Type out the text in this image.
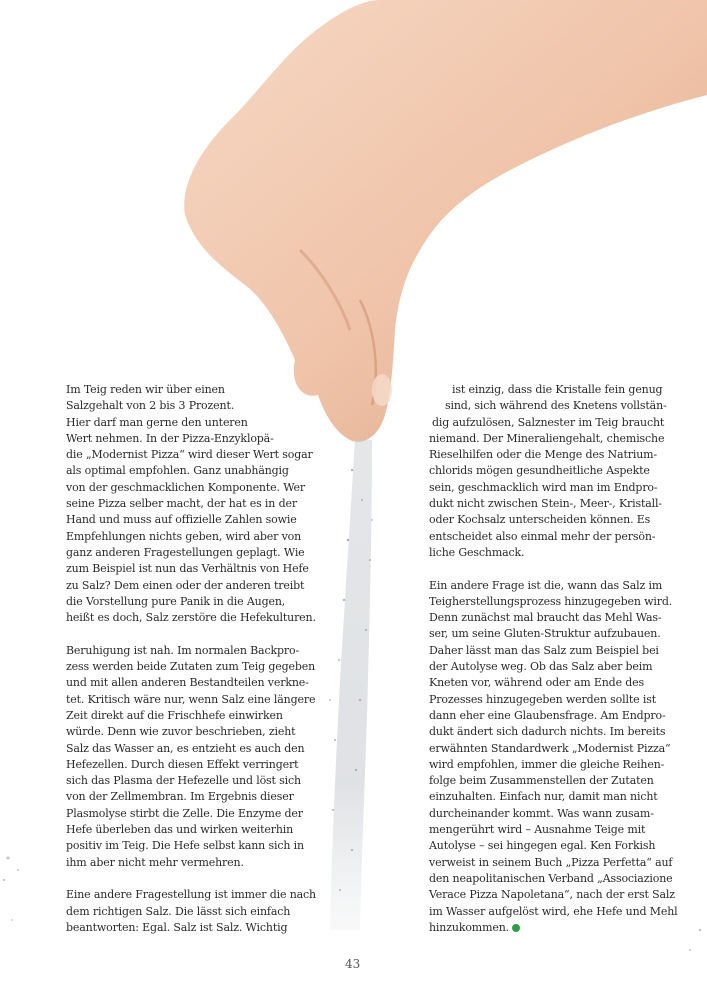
Im Teig reden wir über einen
Salzgehalt von 2 bis 3 Prozent.
Hier darf man gerne den unteren
Wert nehmen. In der Pizza-Enzyklopä-
die „Modernist Pizza“ wird dieser Wert sogar
als optimal empfohlen. Ganz unabhängig
von der geschmacklichen Komponente. Wer
seine Pizza selber macht, der hat es in der
Hand und muss auf offizielle Zahlen sowie
Empfehlungen nichts geben, wird aber von
ganz anderen Fragestellungen geplagt. Wie
zum Beispiel ist nun das Verhältnis von Hefe
zu Salz? Dem einen oder der anderen treibt
die Vorstellung pure Panik in die Augen,
heißt es doch, Salz zerstöre die Hefekulturen.
Beruhigung ist nah. Im normalen Backpro-
zess werden beide Zutaten zum Teig gegeben
und mit allen anderen Bestandteilen verkne-
tet. Kritisch wäre nur, wenn Salz eine längere
Zeit direkt auf die Frischhefe einwirken
würde. Denn wie zuvor beschrieben, zieht
Salz das Wasser an, es entzieht es auch den
Hefezellen. Durch diesen Effekt verringert
sich das Plasma der Hefezelle und löst sich
von der Zellmembran. Im Ergebnis dieser
Plasmolyse stirbt die Zelle. Die Enzyme der
Hefe überleben das und wirken weiterhin
positiv im Teig. Die Hefe selbst kann sich in
ihm aber nicht mehr vermehren.
Eine andere Fragestellung ist immer die nach
dem richtigen Salz. Die lässt sich einfach
beantworten: Egal. Salz ist Salz. Wichtig
ist einzig, dass die Kristalle fein genug
sind, sich während des Knetens vollstän-
dig aufzulösen, Salznester im Teig braucht
niemand. Der Mineraliengehalt, chemische
Rieselhilfen oder die Menge des Natrium-
chlorids mögen gesundheitliche Aspekte
sein, geschmacklich wird man im Endpro-
dukt nicht zwischen Stein-, Meer-, Kristall-
oder Kochsalz unterscheiden können. Es
entscheidet also einmal mehr der persön-
liche Geschmack.
Ein andere Frage ist die, wann das Salz im
Teigherstellungsprozess hinzugegeben wird.
Denn zunächst mal braucht das Mehl Was-
ser, um seine Gluten-Struktur aufzubauen.
Daher lässt man das Salz zum Beispiel bei
der Autolyse weg. Ob das Salz aber beim
Kneten vor, während oder am Ende des
Prozesses hinzugegeben werden sollte ist
dann eher eine Glaubensfrage. Am Endpro-
dukt ändert sich dadurch nichts. Im bereits
erwähnten Standardwerk „Modernist Pizza“
wird empfohlen, immer die gleiche Reihen-
folge beim Zusammenstellen der Zutaten
einzuhalten. Einfach nur, damit man nicht
durcheinander kommt. Was wann zusam-
mengerührt wird – Ausnahme Teige mit
Autolyse – sei hingegen egal. Ken Forkish
verweist in seinem Buch „Pizza Perfetta“ auf
den neapolitanischen Verband „Associazione
Verace Pizza Napoletana“, nach der erst Salz
im Wasser aufgelöst wird, ehe Hefe und Mehl
hinzukommen.
43
